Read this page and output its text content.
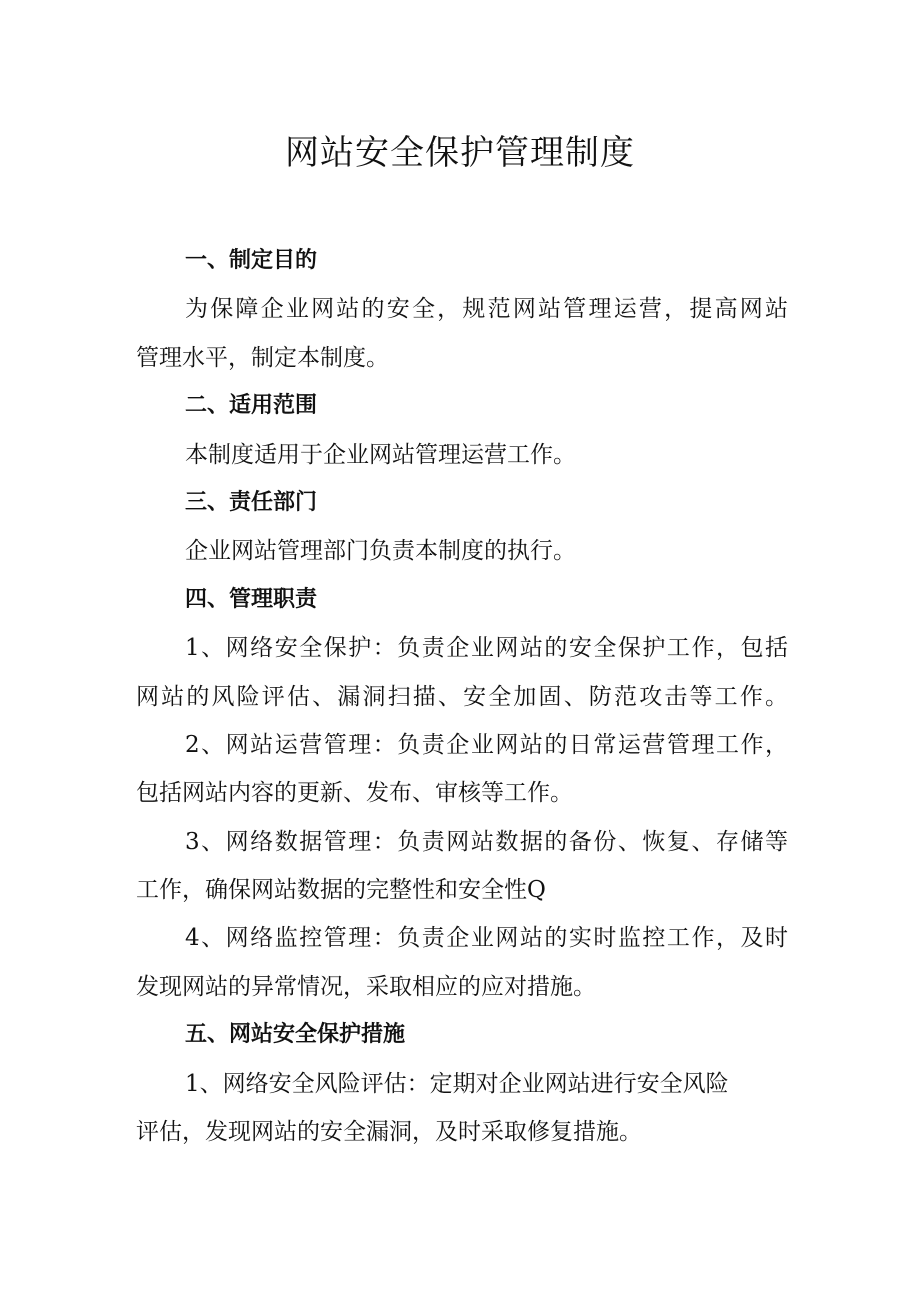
网站安全保护管理制度

一、制定目的

为保障企业网站的安全，规范网站管理运营，提高网站

管理水平，制定本制度。

二、适用范围

本制度适用于企业网站管理运营工作。

三、责任部门

企业网站管理部门负责本制度的执行。

四、管理职责

1、网络安全保护：负责企业网站的安全保护工作，包括

网站的风险评估、漏洞扫描、安全加固、防范攻击等工作。

2、网站运营管理：负责企业网站的日常运营管理工作，

包括网站内容的更新、发布、审核等工作。

3、网络数据管理：负责网站数据的备份、恢复、存储等

工作，确保网站数据的完整性和安全性Q

4、网络监控管理：负责企业网站的实时监控工作，及时

发现网站的异常情况，采取相应的应对措施。

五、网站安全保护措施

1、网络安全风险评估：定期对企业网站进行安全风险

评估，发现网站的安全漏洞，及时采取修复措施。
